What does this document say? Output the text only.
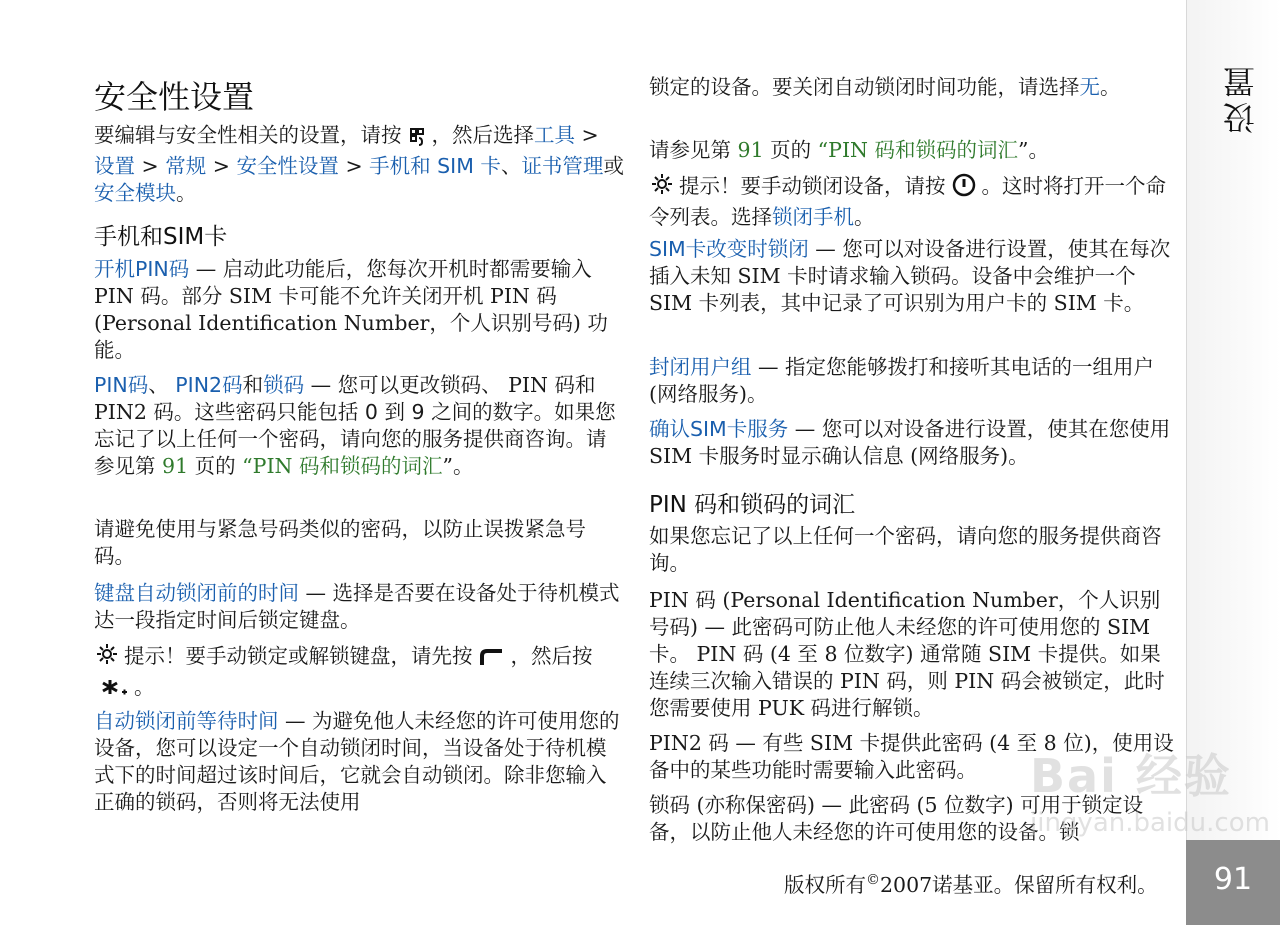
设置
91
安全性设置

要编辑与安全性相关的设置，请按 ，然后选择工具 > 设置 > 常规 > 安全性设置 > 手机和 SIM 卡、证书管理或安全模块。

手机和SIM卡

开机PIN码 — 启动此功能后，您每次开机时都需要输入 PIN 码。部分 SIM 卡可能不允许关闭开机 PIN 码 (Personal Identification Number，个人识别号码) 功能。

PIN码、 PIN2码和锁码 — 您可以更改锁码、 PIN 码和 PIN2 码。这些密码只能包括 0 到 9 之间的数字。如果您忘记了以上任何一个密码，请向您的服务提供商咨询。请参见第 91 页的 “PIN 码和锁码的词汇”。

请避免使用与紧急号码类似的密码，以防止误拨紧急号码。

键盘自动锁闭前的时间 — 选择是否要在设备处于待机模式达一段指定时间后锁定键盘。

提示！要手动锁定或解锁键盘，请先按 ，然后按。

自动锁闭前等待时间 — 为避免他人未经您的许可使用您的设备，您可以设定一个自动锁闭时间，当设备处于待机模式下的时间超过该时间后，它就会自动锁闭。除非您输入正确的锁码，否则将无法使用

锁定的设备。要关闭自动锁闭时间功能，请选择无。

请参见第 91 页的 “PIN 码和锁码的词汇”。

提示！要手动锁闭设备，请按 。这时将打开一个命令列表。选择锁闭手机。

SIM卡改变时锁闭 — 您可以对设备进行设置，使其在每次插入未知 SIM 卡时请求输入锁码。设备中会维护一个 SIM 卡列表，其中记录了可识别为用户卡的 SIM 卡。

封闭用户组 — 指定您能够拨打和接听其电话的一组用户 (网络服务)。

确认SIM卡服务 — 您可以对设备进行设置，使其在您使用 SIM 卡服务时显示确认信息 (网络服务)。

PIN 码和锁码的词汇

如果您忘记了以上任何一个密码，请向您的服务提供商咨询。

PIN 码 (Personal Identification Number，个人识别号码) — 此密码可防止他人未经您的许可使用您的 SIM 卡。 PIN 码 (4 至 8 位数字) 通常随 SIM 卡提供。如果连续三次输入错误的 PIN 码，则 PIN 码会被锁定，此时您需要使用 PUK 码进行解锁。

PIN2 码 — 有些 SIM 卡提供此密码 (4 至 8 位)，使用设备中的某些功能时需要输入此密码。

锁码 (亦称保密码) — 此密码 (5 位数字) 可用于锁定设备，以防止他人未经您的许可使用您的设备。锁

Bai 经验
jingyan.baidu.com
版权所有©2007诺基亚。保留所有权利。
